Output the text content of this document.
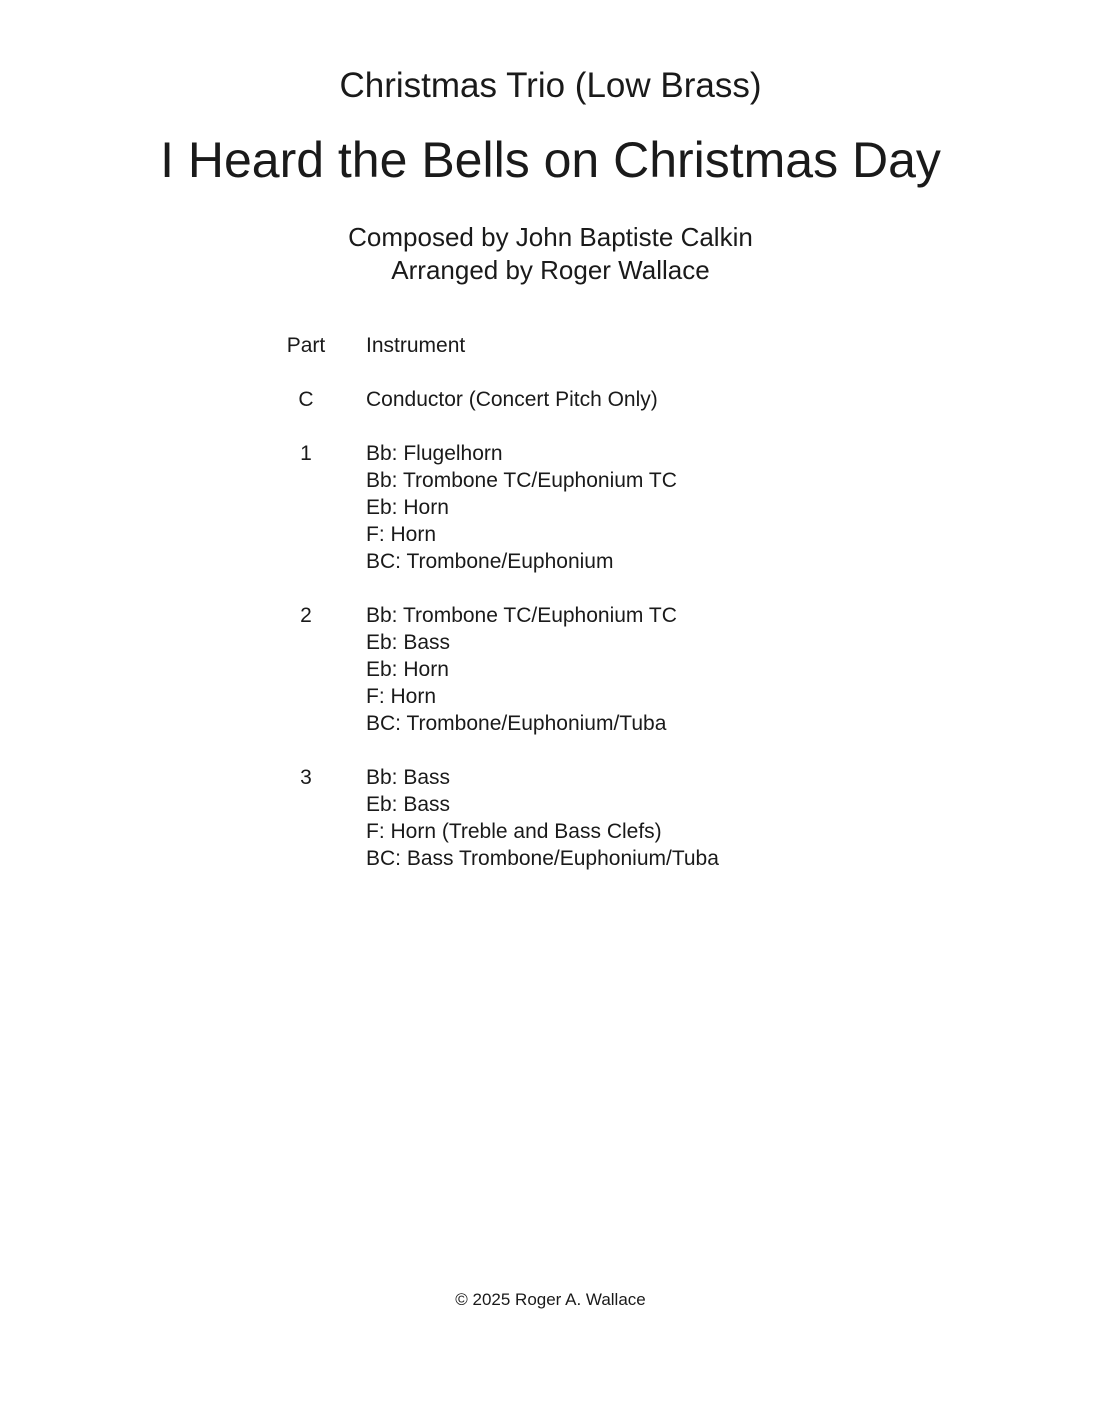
Christmas Trio (Low Brass)
I Heard the Bells on Christmas Day
Composed by John Baptiste Calkin
Arranged by Roger Wallace
Part	Instrument
C	Conductor (Concert Pitch Only)
1	Bb: Flugelhorn
Bb: Trombone TC/Euphonium TC
Eb: Horn
F: Horn
BC: Trombone/Euphonium
2	Bb: Trombone TC/Euphonium TC
Eb: Bass
Eb: Horn
F: Horn
BC: Trombone/Euphonium/Tuba
3	Bb: Bass
Eb: Bass
F: Horn (Treble and Bass Clefs)
BC: Bass Trombone/Euphonium/Tuba
© 2025 Roger A. Wallace
